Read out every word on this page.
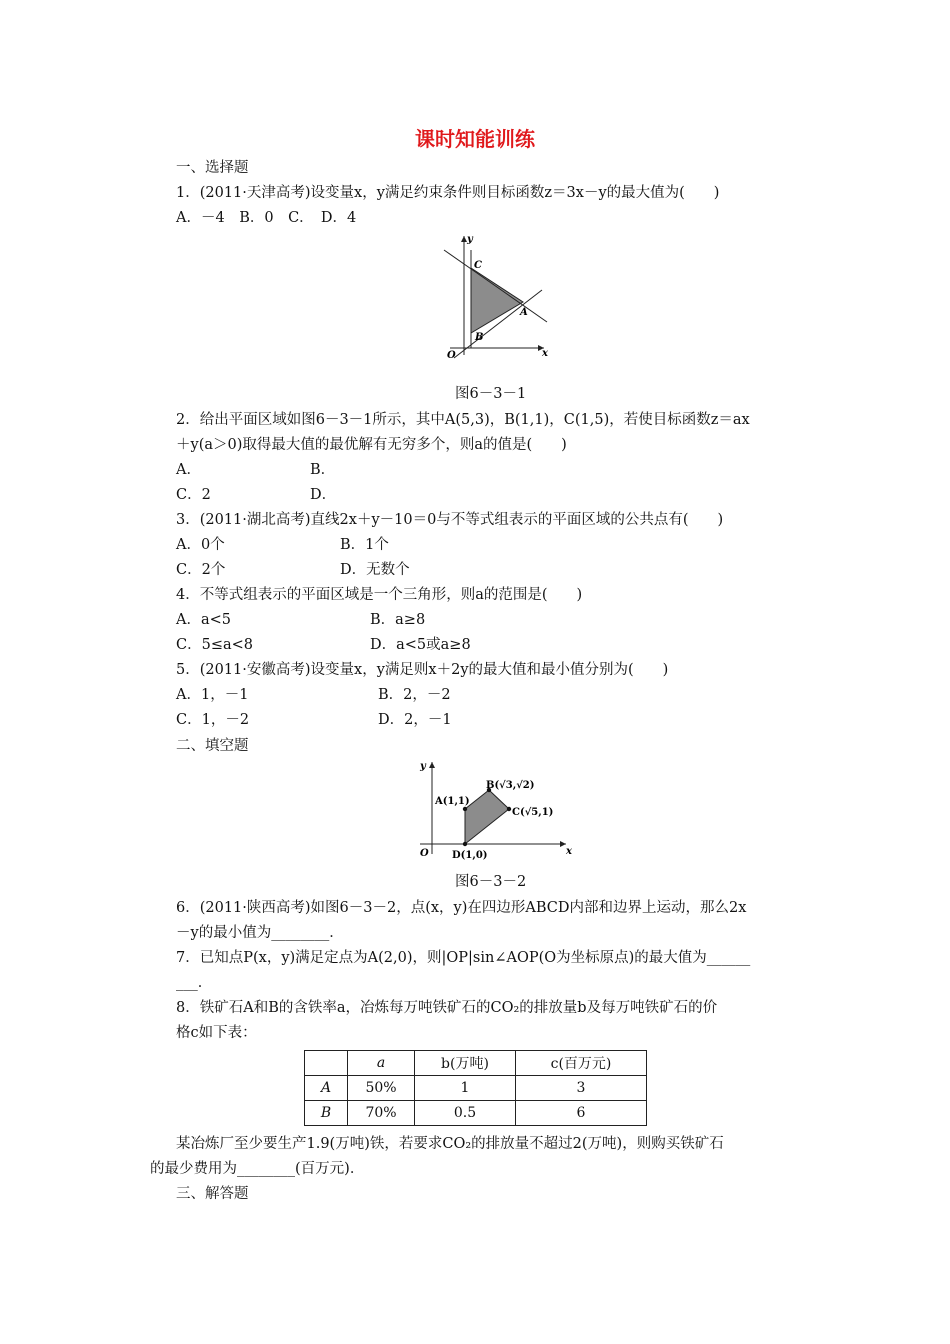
课时知能训练
一、选择题
1．(2011·天津高考)设变量x，y满足约束条件则目标函数z＝3x－y的最大值为(　　)
A．－4　B．0　C．　D．4
y
x
O
C
A
B
图6－3－1
2．给出平面区域如图6－3－1所示，其中A(5,3)，B(1,1)，C(1,5)，若使目标函数z＝ax
＋y(a＞0)取得最大值的最优解有无穷多个，则a的值是(　　)
A．	B．
C．2	D．
3．(2011·湖北高考)直线2x＋y－10＝0与不等式组表示的平面区域的公共点有(　　)
A．0个	B．1个
C．2个	D．无数个
4．不等式组表示的平面区域是一个三角形，则a的范围是(　　)
A．a<5	B．a≥8
C．5≤a<8	D．a<5或a≥8
5．(2011·安徽高考)设变量x，y满足则x＋2y的最大值和最小值分别为(　　)
A．1，－1	B．2，－2
C．1，－2	D．2，－1
二、填空题
y
x
O
A(1,1)
B(√3,√2)
C(√5,1)
D(1,0)
图6－3－2
6．(2011·陕西高考)如图6－3－2，点(x，y)在四边形ABCD内部和边界上运动，那么2x
－y的最小值为________．
7．已知点P(x，y)满足定点为A(2,0)，则|OP|sin∠AOP(O为坐标原点)的最大值为______
___．
8．铁矿石A和B的含铁率a，冶炼每万吨铁矿石的CO₂的排放量b及每万吨铁矿石的价
格c如下表：
	a	b(万吨)	c(百万元)
A	50%	1	3
B	70%	0.5	6
某冶炼厂至少要生产1.9(万吨)铁，若要求CO₂的排放量不超过2(万吨)，则购买铁矿石
的最少费用为________(百万元)．
三、解答题
